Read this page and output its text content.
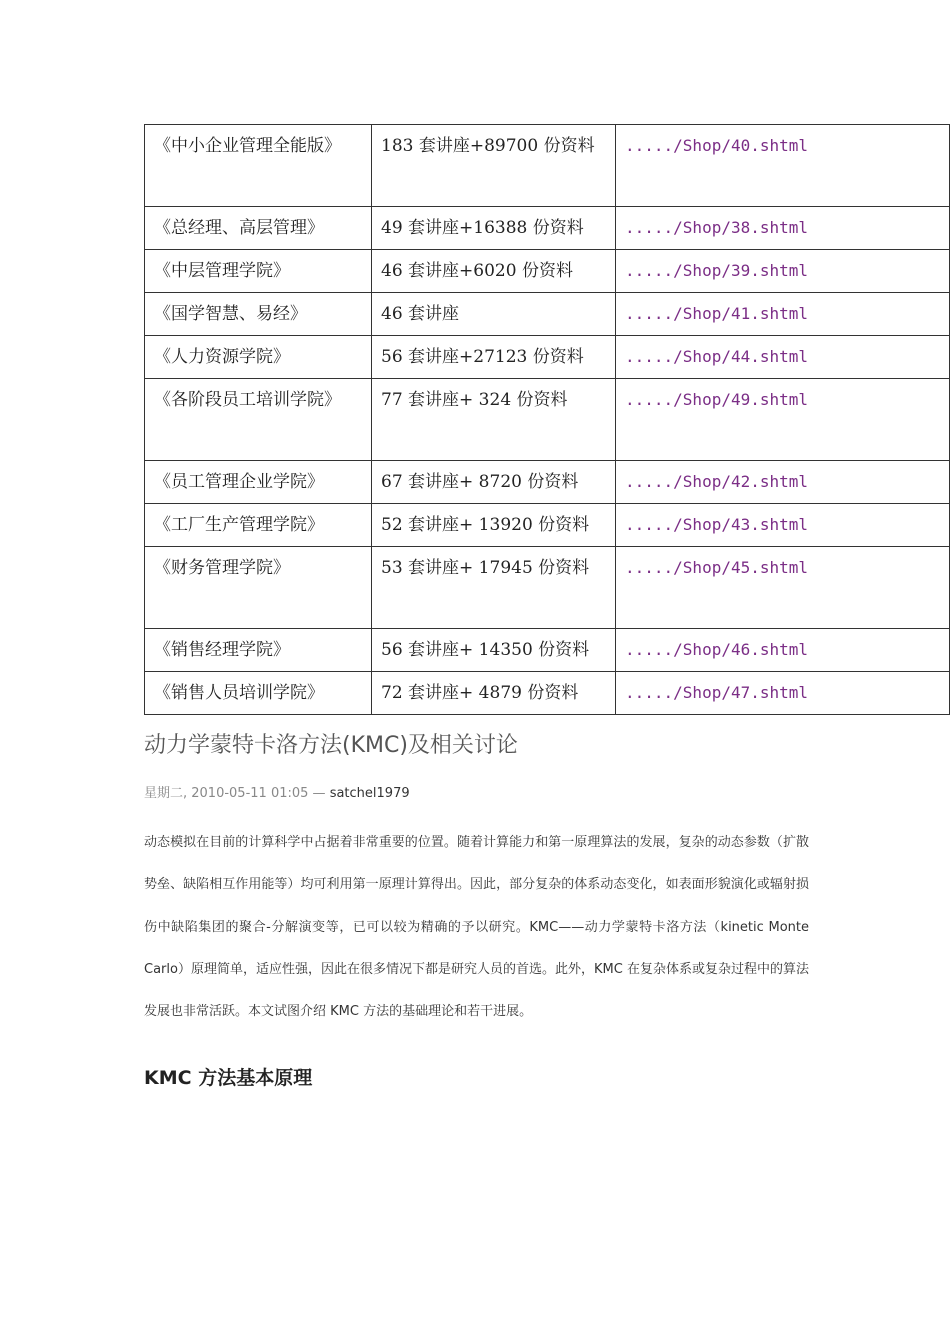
《中小企业管理全能版》	183 套讲座+89700 份资料	...../Shop/40.shtml
《总经理、高层管理》	49 套讲座+16388 份资料	...../Shop/38.shtml
《中层管理学院》	46 套讲座+6020 份资料	...../Shop/39.shtml
《国学智慧、易经》	46 套讲座	...../Shop/41.shtml
《人力资源学院》	56 套讲座+27123 份资料	...../Shop/44.shtml
《各阶段员工培训学院》	77 套讲座+ 324 份资料	...../Shop/49.shtml
《员工管理企业学院》	67 套讲座+ 8720 份资料	...../Shop/42.shtml
《工厂生产管理学院》	52 套讲座+ 13920 份资料	...../Shop/43.shtml
《财务管理学院》	53 套讲座+ 17945 份资料	...../Shop/45.shtml
《销售经理学院》	56 套讲座+ 14350 份资料	...../Shop/46.shtml
《销售人员培训学院》	72 套讲座+ 4879 份资料	...../Shop/47.shtml
动力学蒙特卡洛方法(KMC)及相关讨论
星期二, 2010-05-11 01:05 — satchel1979
动态模拟在目前的计算科学中占据着非常重要的位置。随着计算能力和第一原理算法的发展，复杂的动态参数（扩散势垒、缺陷相互作用能等）均可利用第一原理计算得出。因此，部分复杂的体系动态变化，如表面形貌演化或辐射损伤中缺陷集团的聚合-分解演变等，已可以较为精确的予以研究。KMC——动力学蒙特卡洛方法（kinetic Monte Carlo）原理简单，适应性强，因此在很多情况下都是研究人员的首选。此外，KMC 在复杂体系或复杂过程中的算法发展也非常活跃。本文试图介绍 KMC 方法的基础理论和若干进展。
KMC 方法基本原理
